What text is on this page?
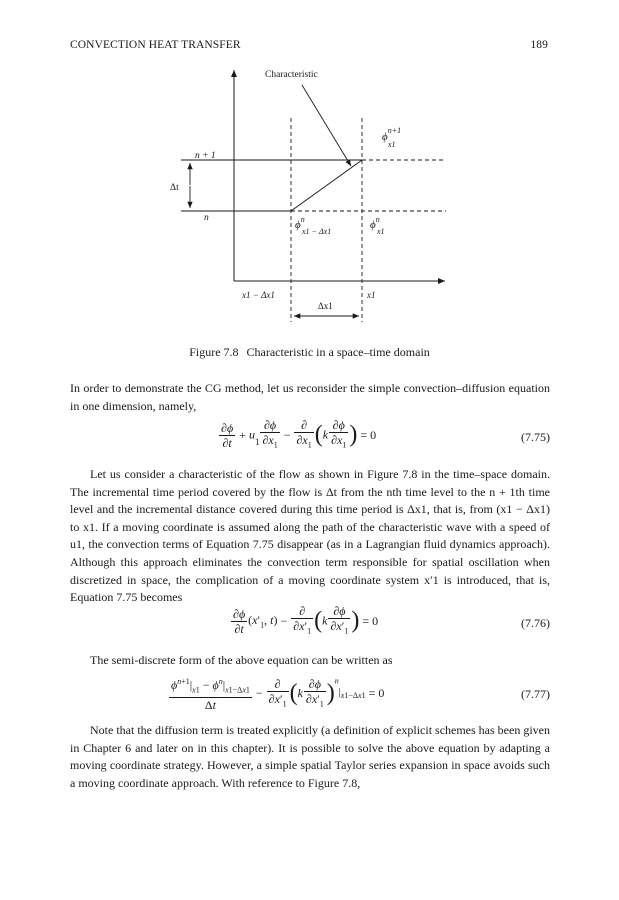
CONVECTION HEAT TRANSFER	189
Characteristic
$\phi^{n+1}$ x1
n + 1
Δt
n
$\phi^n$ x1 − Δx1
$\phi^n$ x1
x1 − Δx1	x1
Δx1
Figure 7.8 Characteristic in a space–time domain
In order to demonstrate the CG method, let us reconsider the simple convection–diffusion equation in one dimension, namely,
$\frac{\partial\phi}{\partial t} + u_1 \frac{\partial\phi}{\partial x_1}$ −
∂
$\partial x_1$ ($k \frac{\partial\phi}{\partial x_1}$ ) = 0	(7.75)
Let us consider a characteristic of the flow as shown in Figure 7.8 in the time–space domain. The incremental time period covered by the flow is Δt from the nth time level to the n + 1th time level and the incremental distance covered during this time period is Δx1, that is, from (x1 − Δx1) to x1. If a moving coordinate is assumed along the path of the characteristic wave with a speed of u1, the convection terms of Equation 7.75 disappear (as in a Lagrangian fluid dynamics approach). Although this approach eliminates the convection term responsible for spatial oscillation when discretized in space, the complication of a moving coordinate system x′1 is introduced, that is, Equation 7.75 becomes
$\frac{\partial\phi}{\partial t} (x'_1$, t) −
∂
$\partial x'_1$ ($k \frac{\partial\phi}{\partial x'_1}$ ) = 0	(7.76)
The semi-discrete form of the above equation can be written as
$\frac{\phi^{n+1}|_{x1} - \phi^n|_{x1-\Delta x1}}{\Delta t}$ −
∂
$\partial x'_1$ $(k \frac{\partial\phi}{\partial x'_1} )^n|_{x1-\Delta x1} = 0$	(7.77)
Note that the diffusion term is treated explicitly (a definition of explicit schemes has been given in Chapter 6 and later on in this chapter). It is possible to solve the above equation by adapting a moving coordinate strategy. However, a simple spatial Taylor series expansion in space avoids such a moving coordinate approach. With reference to Figure 7.8,
